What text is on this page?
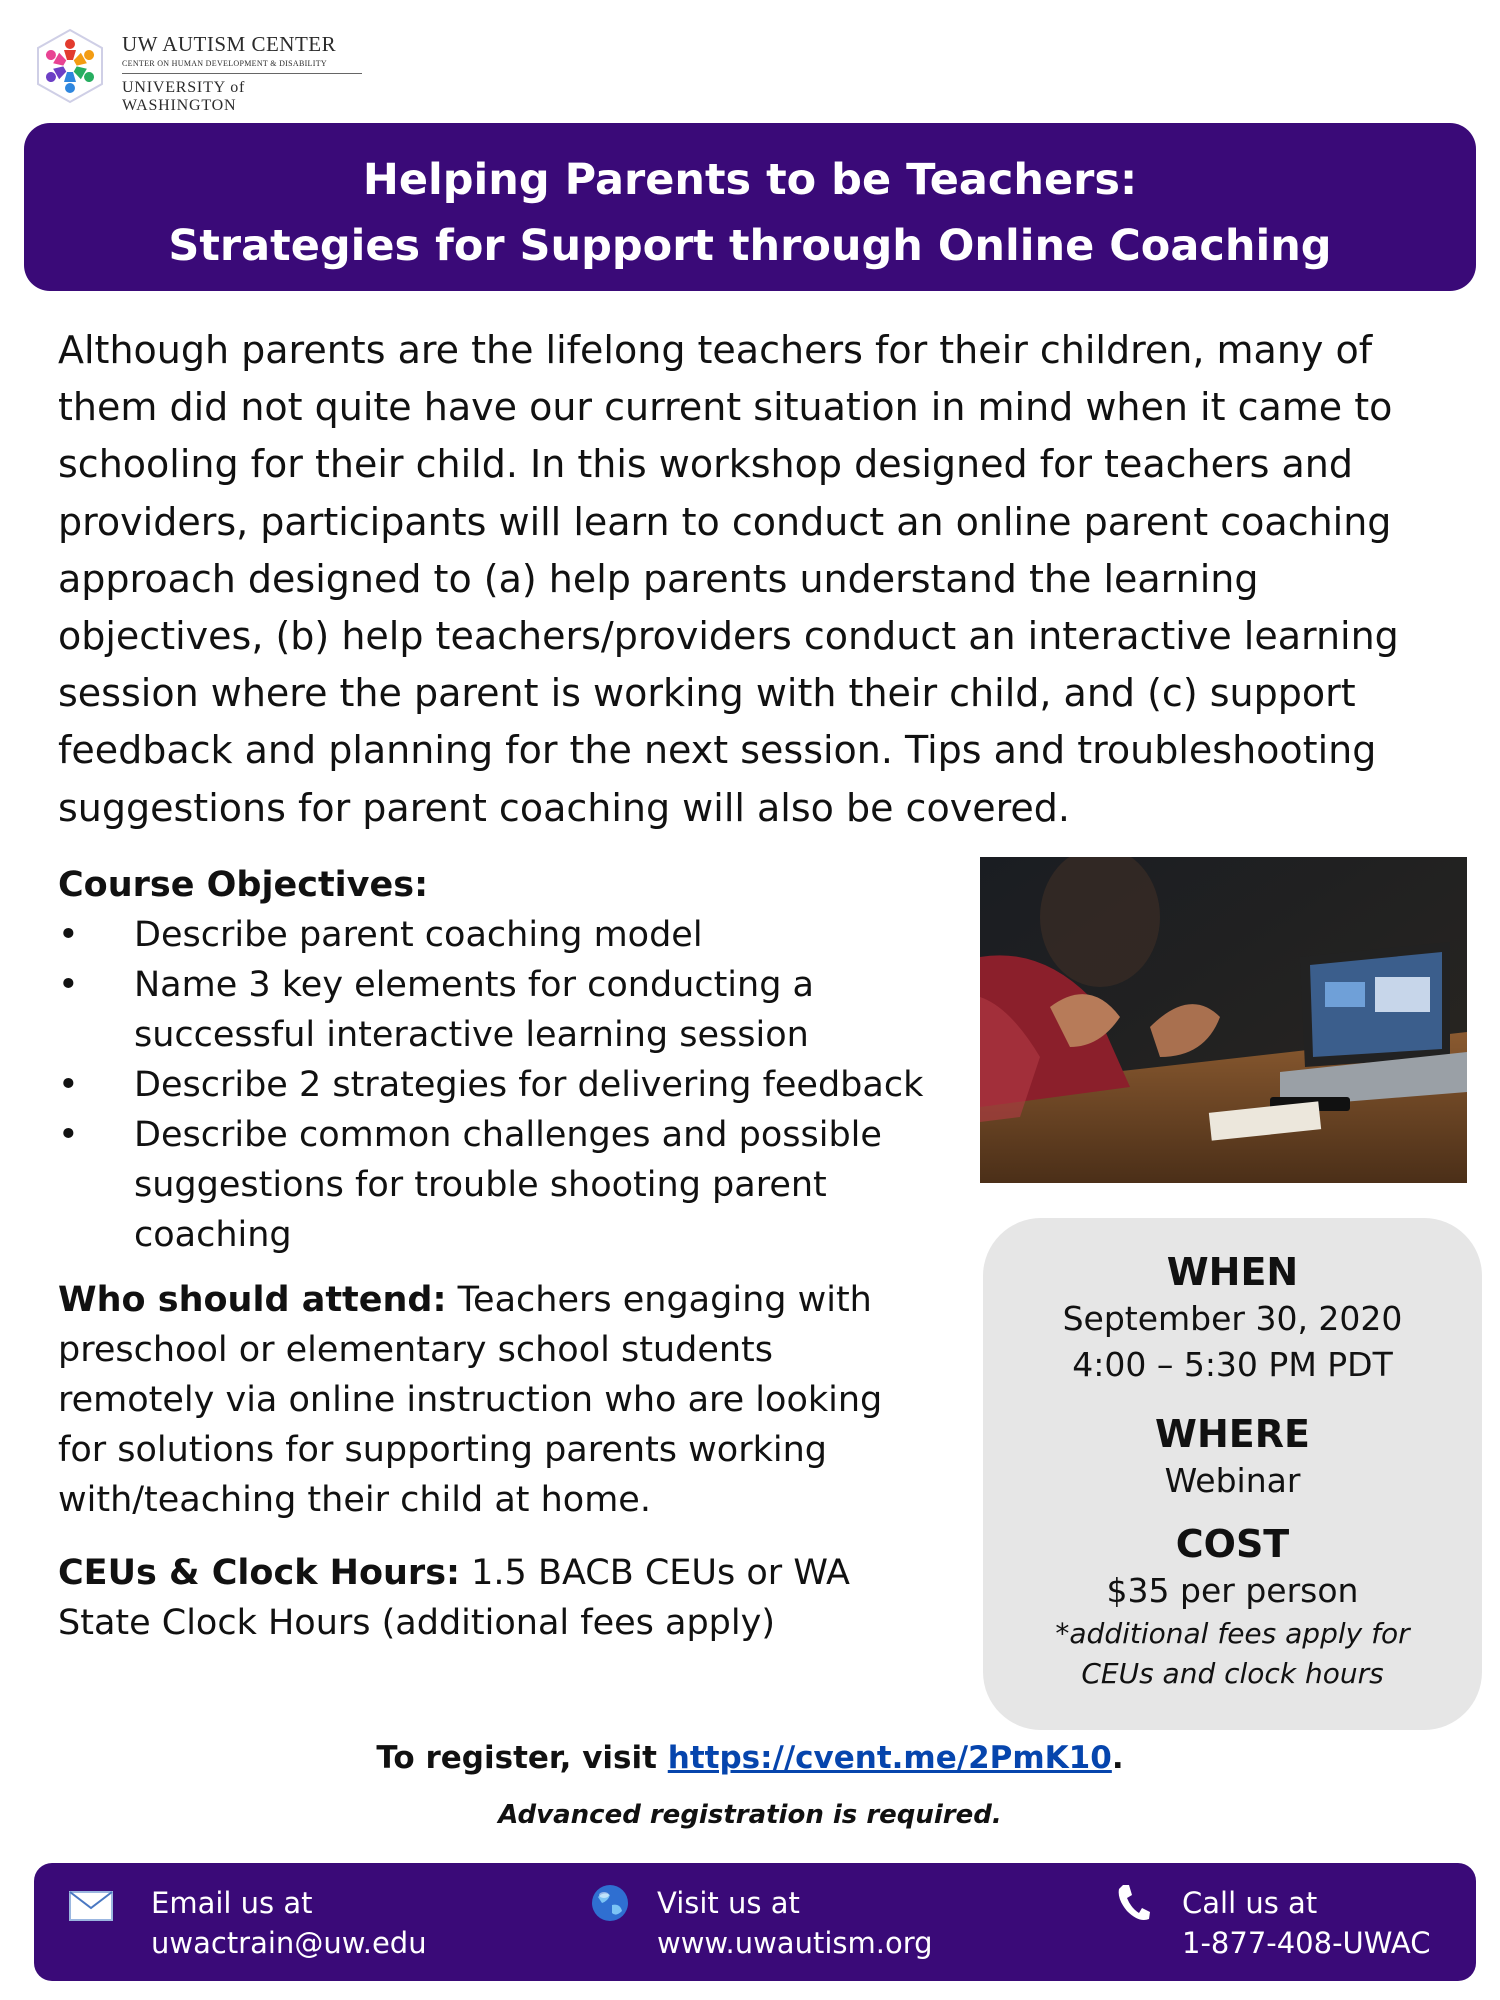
UW AUTISM CENTER
CENTER ON HUMAN DEVELOPMENT & DISABILITY
UNIVERSITY of WASHINGTON
Helping Parents to be Teachers:
Strategies for Support through Online Coaching
Although parents are the lifelong teachers for their children, many of
them did not quite have our current situation in mind when it came to
schooling for their child. In this workshop designed for teachers and
providers, participants will learn to conduct an online parent coaching
approach designed to (a) help parents understand the learning
objectives, (b) help teachers/providers conduct an interactive learning
session where the parent is working with their child, and (c) support
feedback and planning for the next session. Tips and troubleshooting
suggestions for parent coaching will also be covered.
Course Objectives:
• Describe parent coaching model
• Name 3 key elements for conducting a successful interactive learning session
• Describe 2 strategies for delivering feedback
• Describe common challenges and possible suggestions for trouble shooting parent coaching
Who should attend: Teachers engaging with preschool or elementary school students remotely via online instruction who are looking for solutions for supporting parents working with/teaching their child at home.
CEUs & Clock Hours: 1.5 BACB CEUs or WA State Clock Hours (additional fees apply)
WHEN
September 30, 2020
4:00 – 5:30 PM PDT
WHERE
Webinar
COST
$35 per person
*additional fees apply for
CEUs and clock hours
To register, visit https://cvent.me/2PmK10.
Advanced registration is required.
Email us at
uwactrain@uw.edu
Visit us at
www.uwautism.org
Call us at
1-877-408-UWAC
